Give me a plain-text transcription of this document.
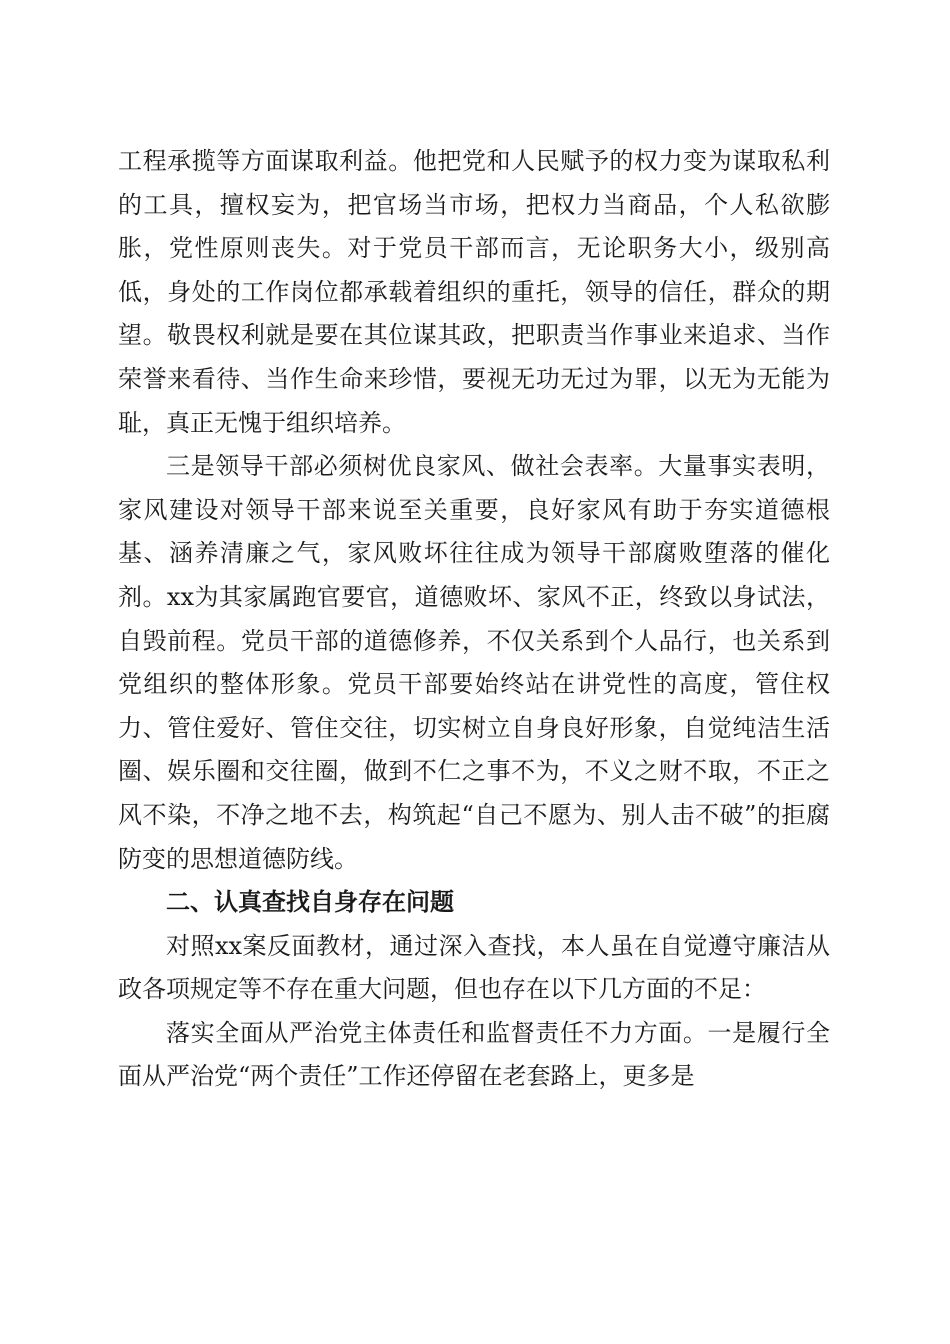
工程承揽等方面谋取利益。他把党和人民赋予的权力变为谋取私利的工具，擅权妄为，把官场当市场，把权力当商品，个人私欲膨胀，党性原则丧失。对于党员干部而言，无论职务大小，级别高低，身处的工作岗位都承载着组织的重托，领导的信任，群众的期望。敬畏权利就是要在其位谋其政，把职责当作事业来追求、当作荣誉来看待、当作生命来珍惜，要视无功无过为罪，以无为无能为耻，真正无愧于组织培养。

三是领导干部必须树优良家风、做社会表率。大量事实表明，家风建设对领导干部来说至关重要，良好家风有助于夯实道德根基、涵养清廉之气，家风败坏往往成为领导干部腐败堕落的催化剂。xx为其家属跑官要官，道德败坏、家风不正，终致以身试法，自毁前程。党员干部的道德修养，不仅关系到个人品行，也关系到党组织的整体形象。党员干部要始终站在讲党性的高度，管住权力、管住爱好、管住交往，切实树立自身良好形象，自觉纯洁生活圈、娱乐圈和交往圈，做到不仁之事不为，不义之财不取，不正之风不染，不净之地不去，构筑起“自己不愿为、别人击不破”的拒腐防变的思想道德防线。

二、认真查找自身存在问题

对照xx案反面教材，通过深入查找，本人虽在自觉遵守廉洁从政各项规定等不存在重大问题，但也存在以下几方面的不足：

落实全面从严治党主体责任和监督责任不力方面。一是履行全面从严治党“两个责任”工作还停留在老套路上，更多是
